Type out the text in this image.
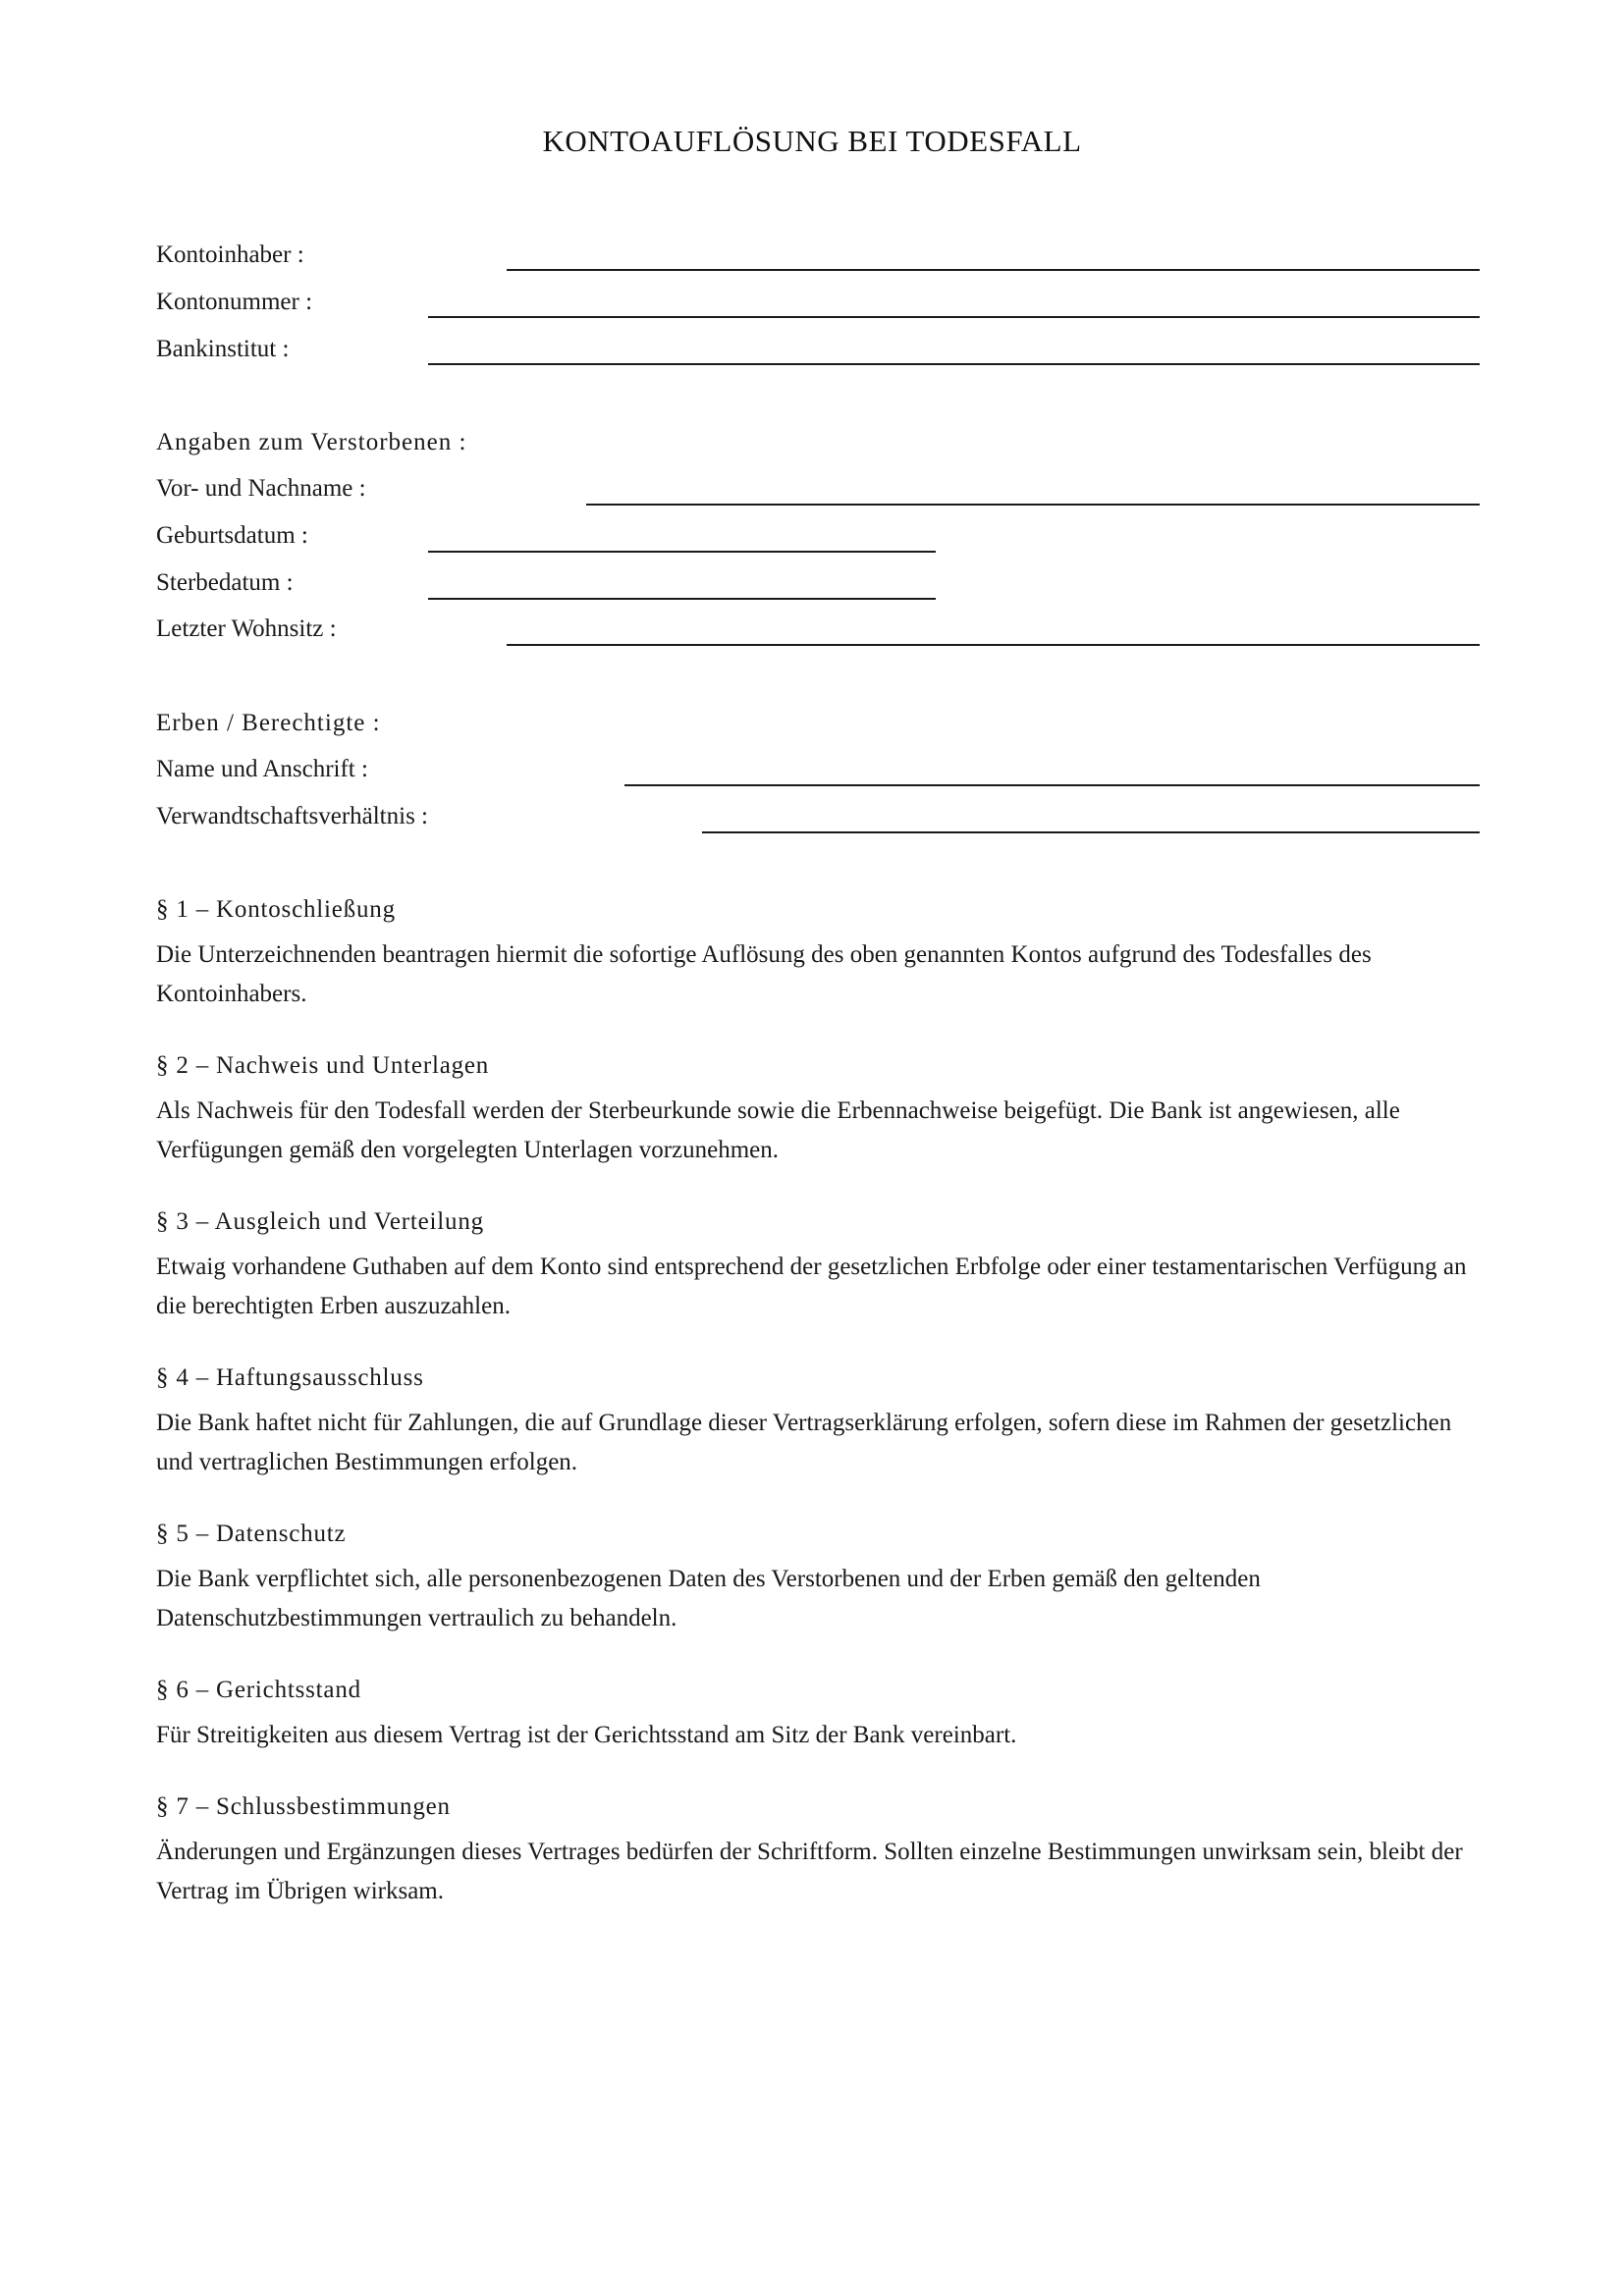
KONTOAUFLÖSUNG BEI TODESFALL
Kontoinhaber :
Kontonummer :
Bankinstitut :
Angaben zum Verstorbenen :
Vor- und Nachname :
Geburtsdatum :
Sterbedatum :
Letzter Wohnsitz :
Erben / Berechtigte :
Name und Anschrift :
Verwandtschaftsverhältnis :
§ 1 – Kontoschließung
Die Unterzeichnenden beantragen hiermit die sofortige Auflösung des oben genannten Kontos aufgrund des Todesfalles des Kontoinhabers.
§ 2 – Nachweis und Unterlagen
Als Nachweis für den Todesfall werden der Sterbeurkunde sowie die Erbennachweise beigefügt. Die Bank ist angewiesen, alle Verfügungen gemäß den vorgelegten Unterlagen vorzunehmen.
§ 3 – Ausgleich und Verteilung
Etwaig vorhandene Guthaben auf dem Konto sind entsprechend der gesetzlichen Erbfolge oder einer testamentarischen Verfügung an die berechtigten Erben auszuzahlen.
§ 4 – Haftungsausschluss
Die Bank haftet nicht für Zahlungen, die auf Grundlage dieser Vertragserklärung erfolgen, sofern diese im Rahmen der gesetzlichen und vertraglichen Bestimmungen erfolgen.
§ 5 – Datenschutz
Die Bank verpflichtet sich, alle personenbezogenen Daten des Verstorbenen und der Erben gemäß den geltenden Datenschutzbestimmungen vertraulich zu behandeln.
§ 6 – Gerichtsstand
Für Streitigkeiten aus diesem Vertrag ist der Gerichtsstand am Sitz der Bank vereinbart.
§ 7 – Schlussbestimmungen
Änderungen und Ergänzungen dieses Vertrages bedürfen der Schriftform. Sollten einzelne Bestimmungen unwirksam sein, bleibt der Vertrag im Übrigen wirksam.
